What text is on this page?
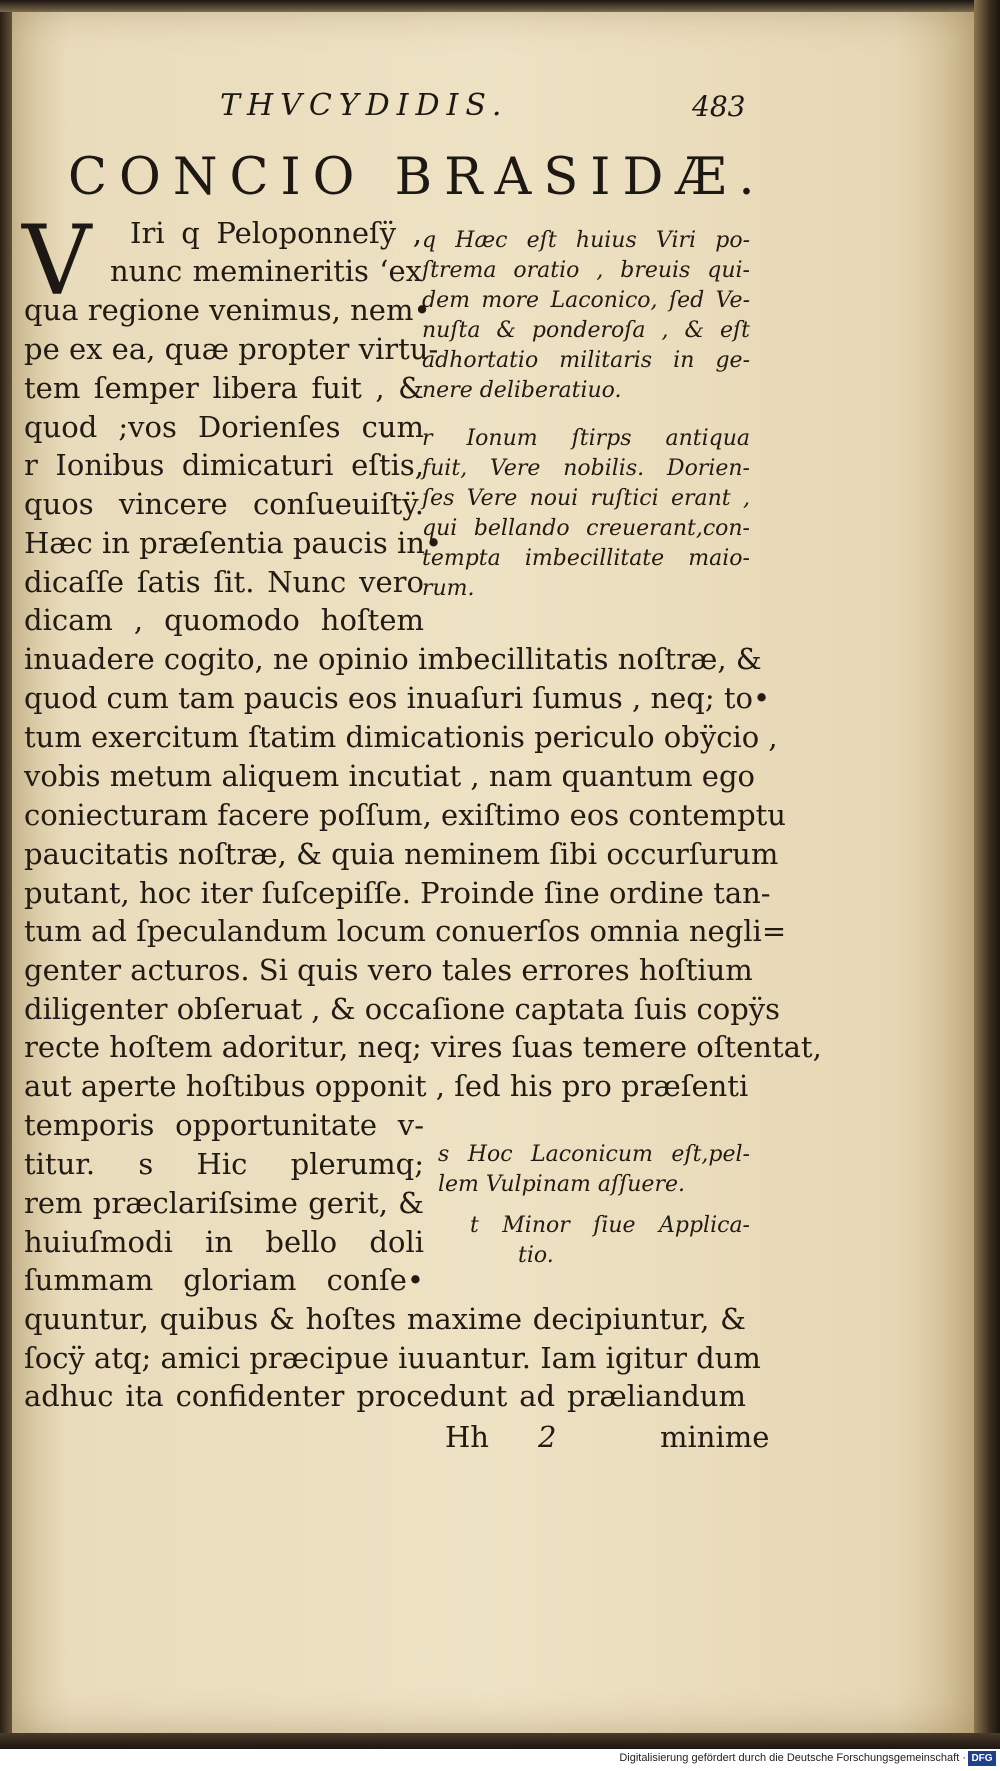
THVCYDIDIS.	483
CONCIO BRASIDÆ.
V Iri q Peloponneſÿ ,
nunc memineritis ‘ex
qua regione venimus, nem•
pe ex ea, quæ propter virtu-
tem ſemper libera fuit , &
quod ;vos Dorienſes cum
r Ionibus dimicaturi eſtis,
quos vincere conſueuiſtÿ.
Hæc in præſentia paucis in•
dicaſſe ſatis ſit. Nunc vero
dicam , quomodo hoſtem
inuadere cogito, ne opinio imbecillitatis noſtræ, &
quod cum tam paucis eos inuaſuri ſumus , neq; to•
tum exercitum ſtatim dimicationis periculo obÿcio ,
vobis metum aliquem incutiat , nam quantum ego
coniecturam facere poſſum, exiſtimo eos contemptu
paucitatis noſtræ, & quia neminem ſibi occurſurum
putant, hoc iter ſuſcepiſſe. Proinde ſine ordine tan-
tum ad ſpeculandum locum conuerſos omnia negli=
genter acturos. Si quis vero tales errores hoſtium
diligenter obſeruat , & occaſione captata ſuis copÿs
recte hoſtem adoritur, neq; vires ſuas temere oſtentat,
aut aperte hoſtibus opponit , ſed his pro præſenti
temporis opportunitate v-
titur. s Hic plerumq;
rem præclariſsime gerit, &
huiuſmodi in bello doli
ſummam gloriam conſe•
quuntur, quibus & hoſtes maxime decipiuntur, &
ſocÿ atq; amici præcipue iuuantur. Iam igitur dum
adhuc ita confidenter procedunt ad præliandum
q Hæc eſt huius Viri po-
ſtrema oratio , breuis qui-
dem more Laconico, ſed Ve-
nuſta & ponderoſa , & eſt
adhortatio militaris in ge-
nere deliberatiuo.
r Ionum ſtirps antiqua
fuit, Vere nobilis. Dorien-
ſes Vere noui ruſtici erant ,
qui bellando creuerant,con-
tempta imbecillitate maio-
rum.
s Hoc Laconicum eſt,pel-
lem Vulpinam aſſuere.
t Minor ſiue Applica-
tio.
Hh 2	minime
Digitalisierung gefördert durch die Deutsche Forschungsgemeinschaft · DFG
